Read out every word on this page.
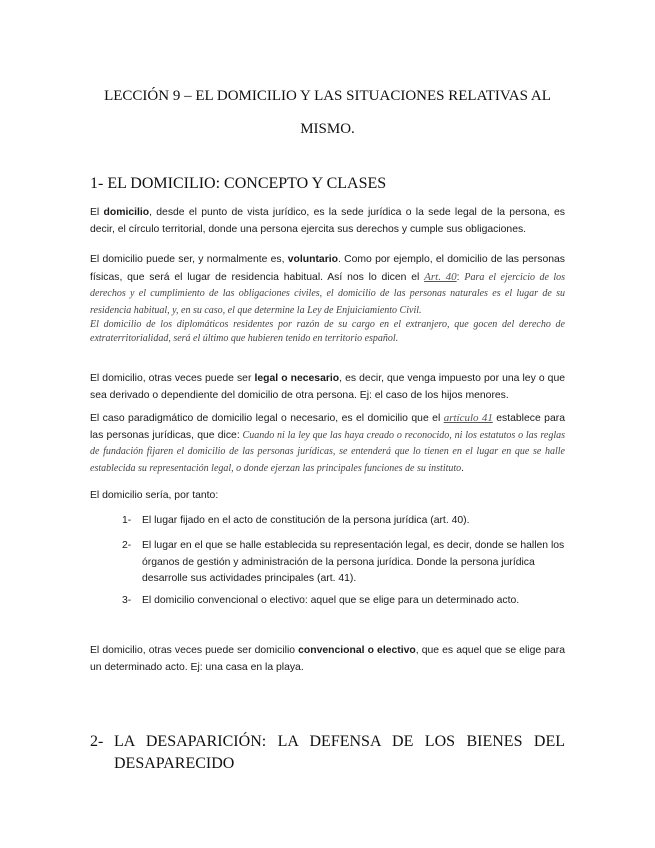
LECCIÓN 9 – EL DOMICILIO Y LAS SITUACIONES RELATIVAS AL
MISMO.
1- EL DOMICILIO: CONCEPTO Y CLASES
El domicilio, desde el punto de vista jurídico, es la sede jurídica o la sede legal de la persona, es decir, el círculo territorial, donde una persona ejercita sus derechos y cumple sus obligaciones.
El domicilio puede ser, y normalmente es, voluntario. Como por ejemplo, el domicilio de las personas físicas, que será el lugar de residencia habitual. Así nos lo dicen el Art. 40: Para el ejercicio de los derechos y el cumplimiento de las obligaciones civiles, el domicilio de las personas naturales es el lugar de su residencia habitual, y, en su caso, el que determine la Ley de Enjuiciamiento Civil.
El domicilio de los diplomáticos residentes por razón de su cargo en el extranjero, que gocen del derecho de extraterritorialidad, será el último que hubieren tenido en territorio español.
El domicilio, otras veces puede ser legal o necesario, es decir, que venga impuesto por una ley o que sea derivado o dependiente del domicilio de otra persona. Ej: el caso de los hijos menores.
El caso paradigmático de domicilio legal o necesario, es el domicilio que el artículo 41 establece para las personas jurídicas, que dice: Cuando ni la ley que las haya creado o reconocido, ni los estatutos o las reglas de fundación fijaren el domicilio de las personas jurídicas, se entenderá que lo tienen en el lugar en que se halle establecida su representación legal, o donde ejerzan las principales funciones de su instituto.
El domicilio sería, por tanto:
1- El lugar fijado en el acto de constitución de la persona jurídica (art. 40).
2- El lugar en el que se halle establecida su representación legal, es decir, donde se hallen los órganos de gestión y administración de la persona jurídica. Donde la persona jurídica desarrolle sus actividades principales (art. 41).
3- El domicilio convencional o electivo: aquel que se elige para un determinado acto.
El domicilio, otras veces puede ser domicilio convencional o electivo, que es aquel que se elige para un determinado acto. Ej: una casa en la playa.
2- LA DESAPARICIÓN: LA DEFENSA DE LOS BIENES DEL DESAPARECIDO
